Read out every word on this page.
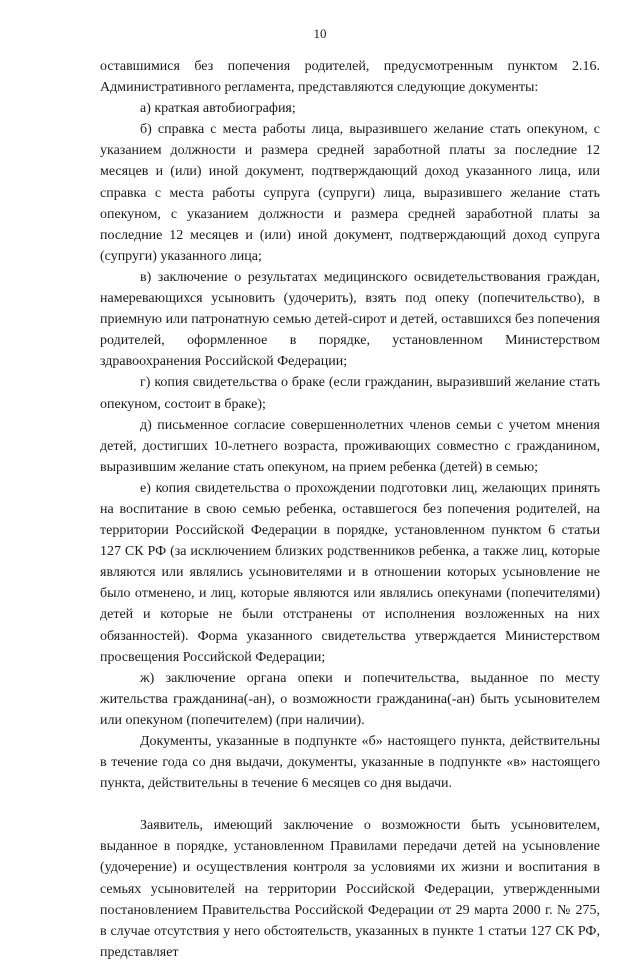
10

оставшимися без попечения родителей, предусмотренным пунктом 2.16. Административного регламента, представляются следующие документы:

а) краткая автобиография;

б) справка с места работы лица, выразившего желание стать опекуном, с указанием должности и размера средней заработной платы за последние 12 месяцев и (или) иной документ, подтверждающий доход указанного лица, или справка с места работы супруга (супруги) лица, выразившего желание стать опекуном, с указанием должности и размера средней заработной платы за последние 12 месяцев и (или) иной документ, подтверждающий доход супруга (супруги) указанного лица;

в) заключение о результатах медицинского освидетельствования граждан, намеревающихся усыновить (удочерить), взять под опеку (попечительство), в приемную или патронатную семью детей-сирот и детей, оставшихся без попечения родителей, оформленное в порядке, установленном Министерством здравоохранения Российской Федерации;

г) копия свидетельства о браке (если гражданин, выразивший желание стать опекуном, состоит в браке);

д) письменное согласие совершеннолетних членов семьи с учетом мнения детей, достигших 10-летнего возраста, проживающих совместно с гражданином, выразившим желание стать опекуном, на прием ребенка (детей) в семью;

е) копия свидетельства о прохождении подготовки лиц, желающих принять на воспитание в свою семью ребенка, оставшегося без попечения родителей, на территории Российской Федерации в порядке, установленном пунктом 6 статьи 127 СК РФ (за исключением близких родственников ребенка, а также лиц, которые являются или являлись усыновителями и в отношении которых усыновление не было отменено, и лиц, которые являются или являлись опекунами (попечителями) детей и которые не были отстранены от исполнения возложенных на них обязанностей). Форма указанного свидетельства утверждается Министерством просвещения Российской Федерации;

ж) заключение органа опеки и попечительства, выданное по месту жительства гражданина(-ан), о возможности гражданина(-ан) быть усыновителем или опекуном (попечителем) (при наличии).

Документы, указанные в подпункте «б» настоящего пункта, действительны в течение года со дня выдачи, документы, указанные в подпункте «в» настоящего пункта, действительны в течение 6 месяцев со дня выдачи.

Заявитель, имеющий заключение о возможности быть усыновителем, выданное в порядке, установленном Правилами передачи детей на усыновление (удочерение) и осуществления контроля за условиями их жизни и воспитания в семьях усыновителей на территории Российской Федерации, утвержденными постановлением Правительства Российской Федерации от 29 марта 2000 г. № 275, в случае отсутствия у него обстоятельств, указанных в пункте 1 статьи 127 СК РФ, представляет
